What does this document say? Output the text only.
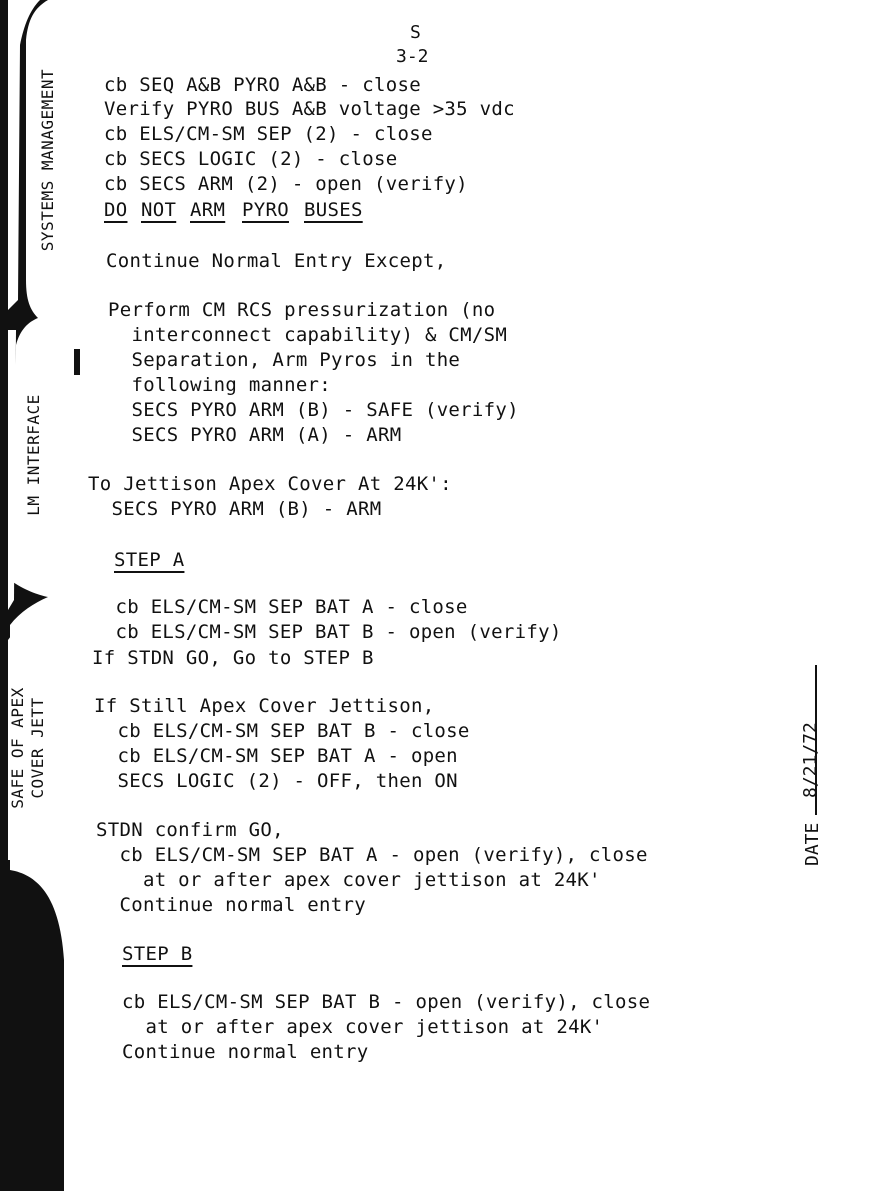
SYSTEMS MANAGEMENT
LM INTERFACE
SAFE OF APEX COVER JETT
S
3-2
cb SEQ A&B PYRO A&B - close
Verify PYRO BUS A&B voltage >35 vdc
cb ELS/CM-SM SEP (2) - close
cb SECS LOGIC (2) - close
cb SECS ARM (2) - open (verify)
DO NOT ARM PYRO BUSES
Continue Normal Entry Except,
Perform CM RCS pressurization (no
interconnect capability) & CM/SM
Separation, Arm Pyros in the
following manner:
SECS PYRO ARM (B) - SAFE (verify)
SECS PYRO ARM (A) - ARM
To Jettison Apex Cover At 24K':
SECS PYRO ARM (B) - ARM
STEP A
cb ELS/CM-SM SEP BAT A - close
cb ELS/CM-SM SEP BAT B - open (verify)
If STDN GO, Go to STEP B
If Still Apex Cover Jettison,
cb ELS/CM-SM SEP BAT B - close
cb ELS/CM-SM SEP BAT A - open
SECS LOGIC (2) - OFF, then ON
STDN confirm GO,
cb ELS/CM-SM SEP BAT A - open (verify), close
at or after apex cover jettison at 24K'
Continue normal entry
STEP B
cb ELS/CM-SM SEP BAT B - open (verify), close
at or after apex cover jettison at 24K'
Continue normal entry
8/21/72
DATE
